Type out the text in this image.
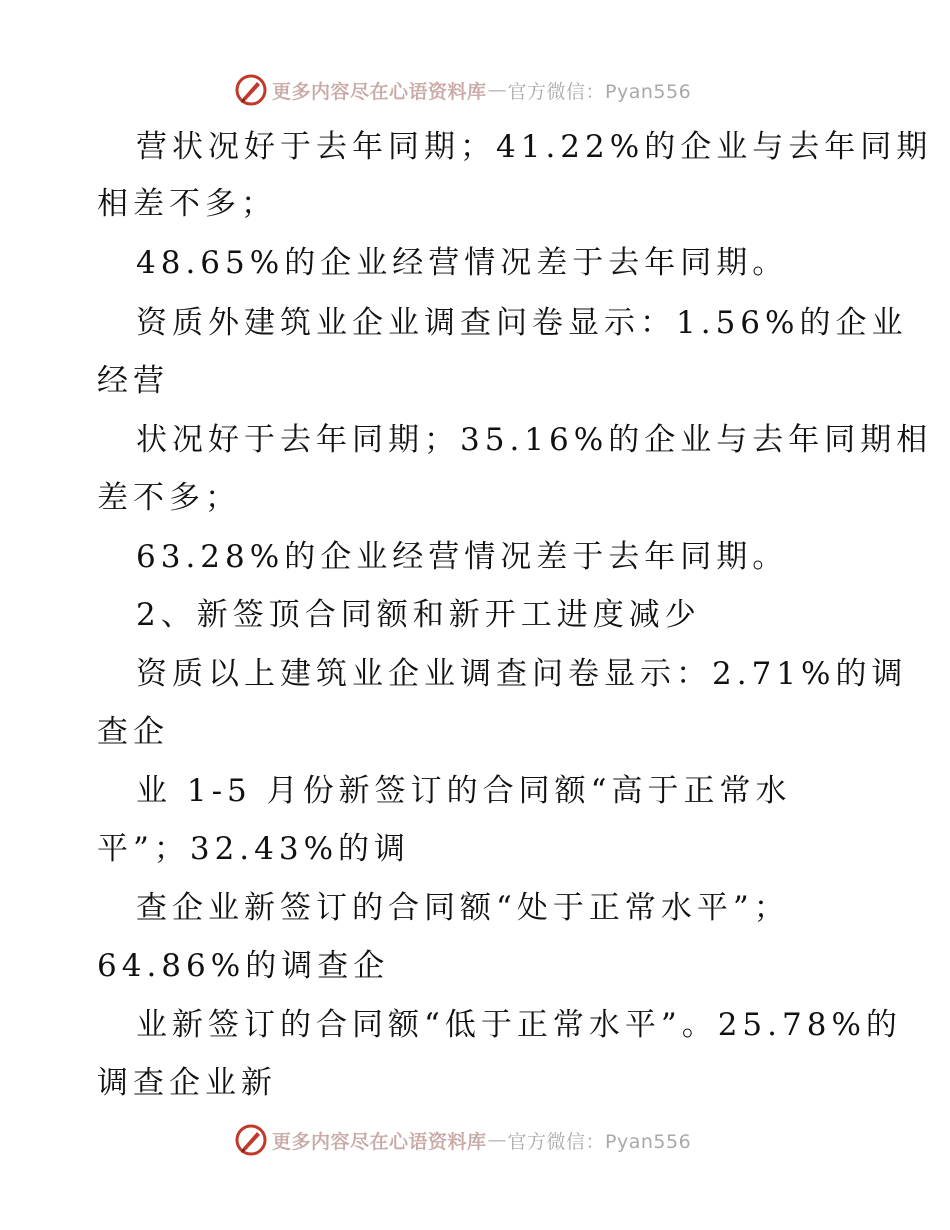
更多内容尽在心语资料库 — 官方微信：Pyan556
营状况好于去年同期；41.22%的企业与去年同期
相差不多；
48.65%的企业经营情况差于去年同期。
资质外建筑业企业调查问卷显示：1.56%的企业
经营
状况好于去年同期；35.16%的企业与去年同期相
差不多；
63.28%的企业经营情况差于去年同期。
2、新签顶合同额和新开工进度减少
资质以上建筑业企业调查问卷显示：2.71%的调
查企
业 1-5 月份新签订的合同额“高于正常水
平”；32.43%的调
查企业新签订的合同额“处于正常水平”；
64.86%的调查企
业新签订的合同额“低于正常水平”。25.78%的
调查企业新
更多内容尽在心语资料库 — 官方微信：Pyan556
